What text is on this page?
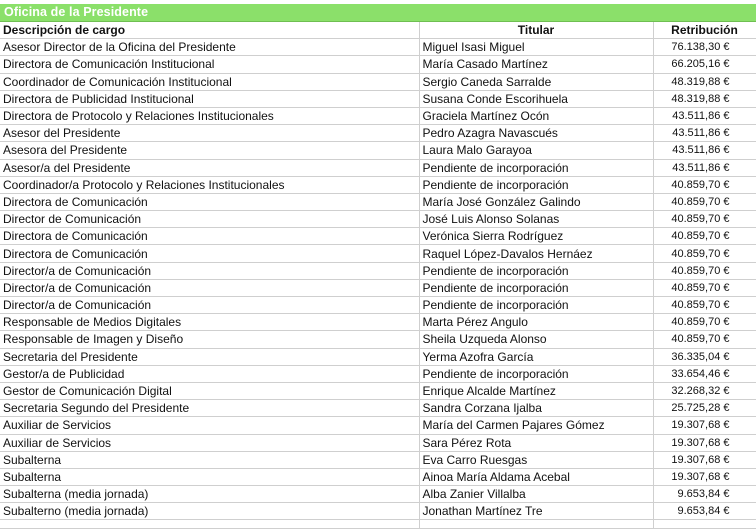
Oficina de la Presidente
Descripción de cargo	Titular	Retribución
Asesor Director de la Oficina del Presidente	Miguel Isasi Miguel	76.138,30 €
Directora de Comunicación Institucional	María Casado Martínez	66.205,16 €
Coordinador de Comunicación Institucional	Sergio Caneda Sarralde	48.319,88 €
Directora de Publicidad Institucional	Susana Conde Escorihuela	48.319,88 €
Directora de Protocolo y Relaciones Institucionales	Graciela Martínez Ocón	43.511,86 €
Asesor del Presidente	Pedro Azagra Navascués	43.511,86 €
Asesora del Presidente	Laura Malo Garayoa	43.511,86 €
Asesor/a del Presidente	Pendiente de incorporación	43.511,86 €
Coordinador/a Protocolo y Relaciones Institucionales	Pendiente de incorporación	40.859,70 €
Directora de Comunicación	María José González Galindo	40.859,70 €
Director de Comunicación	José Luis Alonso Solanas	40.859,70 €
Directora de Comunicación	Verónica Sierra Rodríguez	40.859,70 €
Directora de Comunicación	Raquel López-Davalos Hernáez	40.859,70 €
Director/a de Comunicación	Pendiente de incorporación	40.859,70 €
Director/a de Comunicación	Pendiente de incorporación	40.859,70 €
Director/a de Comunicación	Pendiente de incorporación	40.859,70 €
Responsable de Medios Digitales	Marta Pérez Angulo	40.859,70 €
Responsable de Imagen y Diseño	Sheila Uzqueda Alonso	40.859,70 €
Secretaria del Presidente	Yerma Azofra García	36.335,04 €
Gestor/a de Publicidad	Pendiente de incorporación	33.654,46 €
Gestor de Comunicación Digital	Enrique Alcalde Martínez	32.268,32 €
Secretaria Segundo del Presidente	Sandra Corzana Ijalba	25.725,28 €
Auxiliar de Servicios	María del Carmen Pajares Gómez	19.307,68 €
Auxiliar de Servicios	Sara Pérez Rota	19.307,68 €
Subalterna	Eva Carro Ruesgas	19.307,68 €
Subalterna	Ainoa María Aldama Acebal	19.307,68 €
Subalterna (media jornada)	Alba Zanier Villalba	9.653,84 €
Subalterno (media jornada)	Jonathan Martínez Tre	9.653,84 €
